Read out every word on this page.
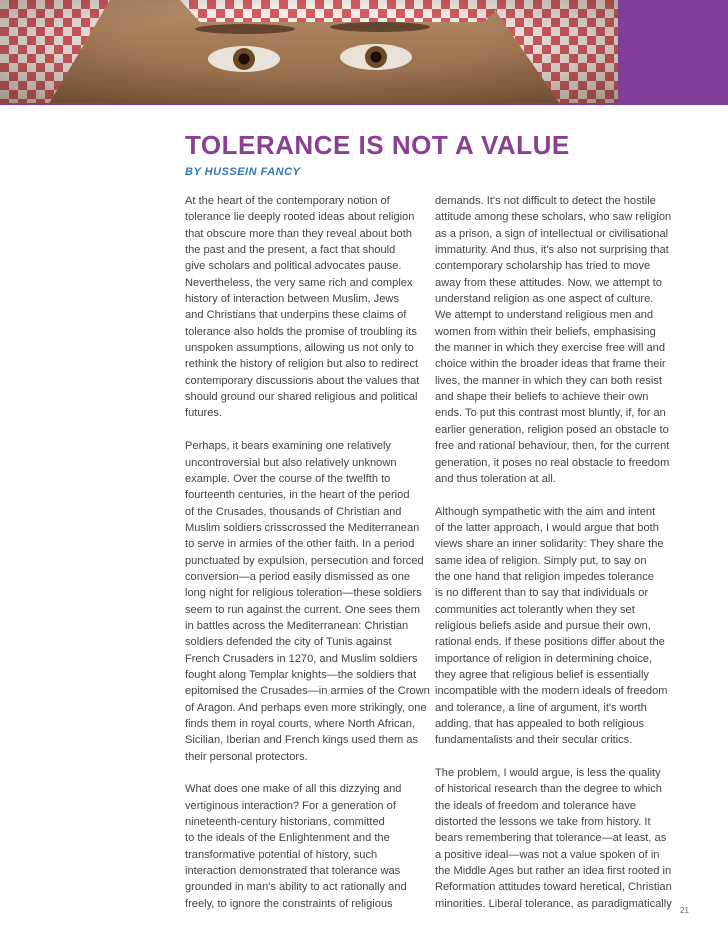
TOLERANCE IS NOT A VALUE

BY HUSSEIN FANCY

At the heart of the contemporary notion of
tolerance lie deeply rooted ideas about religion
that obscure more than they reveal about both
the past and the present, a fact that should
give scholars and political advocates pause.
Nevertheless, the very same rich and complex
history of interaction between Muslim, Jews
and Christians that underpins these claims of
tolerance also holds the promise of troubling its
unspoken assumptions, allowing us not only to
rethink the history of religion but also to redirect
contemporary discussions about the values that
should ground our shared religious and political
futures.
Perhaps, it bears examining one relatively
uncontroversial but also relatively unknown
example. Over the course of the twelfth to
fourteenth centuries, in the heart of the period
of the Crusades, thousands of Christian and
Muslim soldiers crisscrossed the Mediterranean
to serve in armies of the other faith. In a period
punctuated by expulsion, persecution and forced
conversion—a period easily dismissed as one
long night for religious toleration—these soldiers
seem to run against the current. One sees them
in battles across the Mediterranean: Christian
soldiers defended the city of Tunis against
French Crusaders in 1270, and Muslim soldiers
fought along Templar knights—the soldiers that
epitomised the Crusades—in armies of the Crown
of Aragon. And perhaps even more strikingly, one
finds them in royal courts, where North African,
Sicilian, Iberian and French kings used them as
their personal protectors.
What does one make of all this dizzying and
vertiginous interaction? For a generation of
nineteenth-century historians, committed
to the ideals of the Enlightenment and the
transformative potential of history, such
interaction demonstrated that tolerance was
grounded in man's ability to act rationally and
freely, to ignore the constraints of religious
demands. It's not difficult to detect the hostile
attitude among these scholars, who saw religion
as a prison, a sign of intellectual or civilisational
immaturity. And thus, it's also not surprising that
contemporary scholarship has tried to move
away from these attitudes. Now, we attempt to
understand religion as one aspect of culture.
We attempt to understand religious men and
women from within their beliefs, emphasising
the manner in which they exercise free will and
choice within the broader ideas that frame their
lives, the manner in which they can both resist
and shape their beliefs to achieve their own
ends. To put this contrast most bluntly, if, for an
earlier generation, religion posed an obstacle to
free and rational behaviour, then, for the current
generation, it poses no real obstacle to freedom
and thus toleration at all.
Although sympathetic with the aim and intent
of the latter approach, I would argue that both
views share an inner solidarity: They share the
same idea of religion. Simply put, to say on
the one hand that religion impedes tolerance
is no different than to say that individuals or
communities act tolerantly when they set
religious beliefs aside and pursue their own,
rational ends. If these positions differ about the
importance of religion in determining choice,
they agree that religious belief is essentially
incompatible with the modern ideals of freedom
and tolerance, a line of argument, it's worth
adding, that has appealed to both religious
fundamentalists and their secular critics.
The problem, I would argue, is less the quality
of historical research than the degree to which
the ideals of freedom and tolerance have
distorted the lessons we take from history. It
bears remembering that tolerance—at least, as
a positive ideal—was not a value spoken of in
the Middle Ages but rather an idea first rooted in
Reformation attitudes toward heretical, Christian
minorities. Liberal tolerance, as paradigmatically
21
